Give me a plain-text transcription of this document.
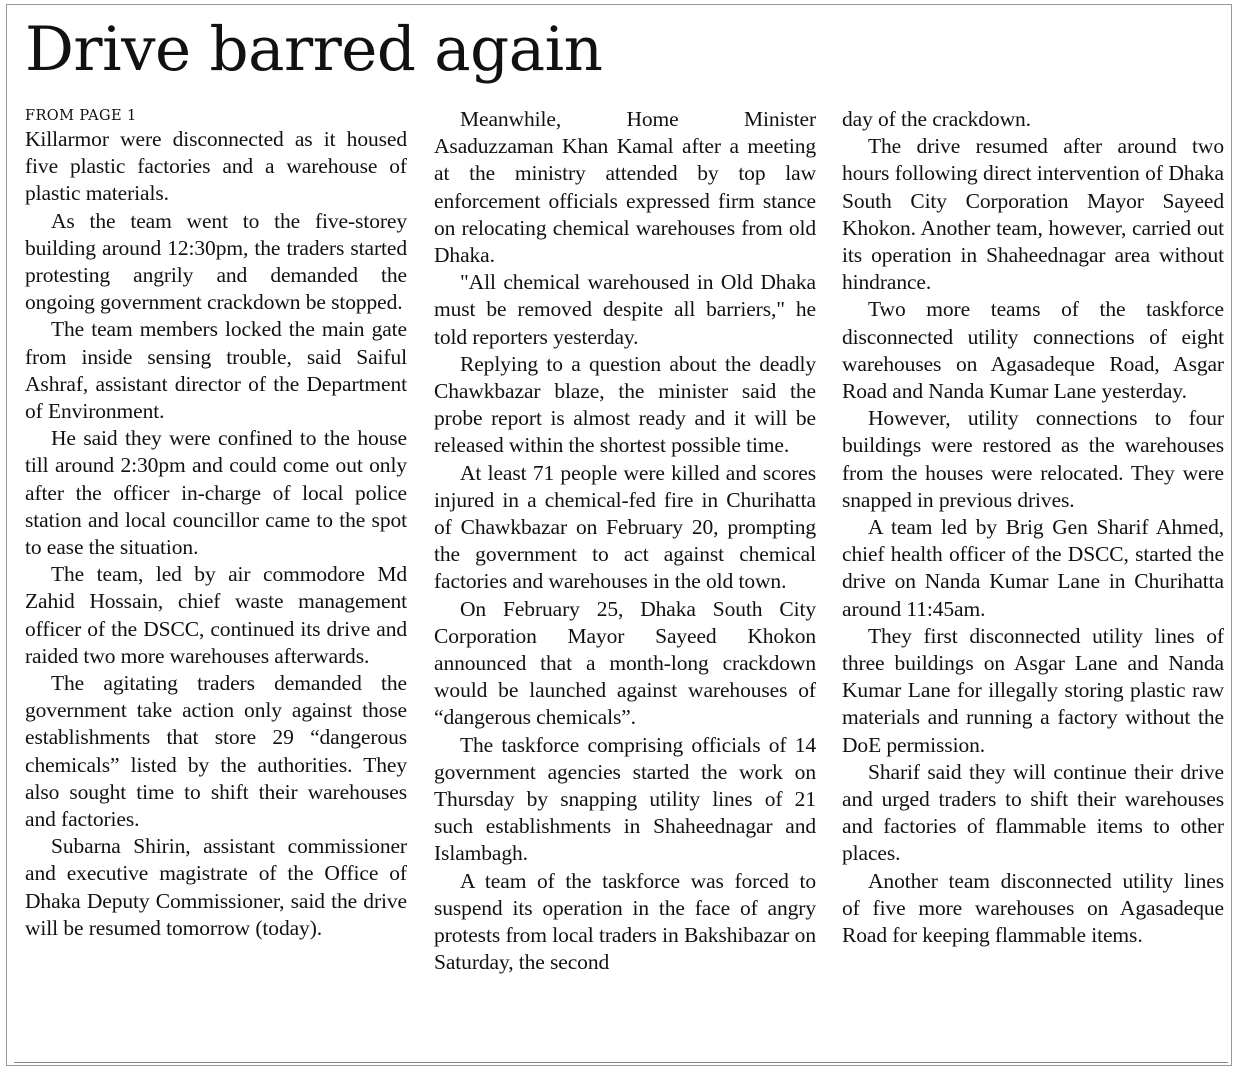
Drive barred again
FROM PAGE 1

Killarmor were disconnected as it housed five plastic factories and a warehouse of plastic materials.

As the team went to the five-storey building around 12:30pm, the traders started protesting angrily and demanded the ongoing government crackdown be stopped.

The team members locked the main gate from inside sensing trouble, said Saiful Ashraf, assistant director of the Department of Environment.

He said they were confined to the house till around 2:30pm and could come out only after the officer in-charge of local police station and local councillor came to the spot to ease the situation.

The team, led by air commodore Md Zahid Hossain, chief waste management officer of the DSCC, continued its drive and raided two more warehouses afterwards.

The agitating traders demanded the government take action only against those establishments that store 29 “dangerous chemicals” listed by the authorities. They also sought time to shift their warehouses and factories.

Subarna Shirin, assistant commissioner and executive magistrate of the Office of Dhaka Deputy Commissioner, said the drive will be resumed tomorrow (today).

Meanwhile, Home Minister Asaduzzaman Khan Kamal after a meeting at the ministry attended by top law enforcement officials expressed firm stance on relocating chemical warehouses from old Dhaka.

"All chemical warehoused in Old Dhaka must be removed despite all barriers," he told reporters yesterday.

Replying to a question about the deadly Chawkbazar blaze, the minister said the probe report is almost ready and it will be released within the shortest possible time.

At least 71 people were killed and scores injured in a chemical-fed fire in Churihatta of Chawkbazar on February 20, prompting the government to act against chemical factories and warehouses in the old town.

On February 25, Dhaka South City Corporation Mayor Sayeed Khokon announced that a month-long crackdown would be launched against warehouses of “dangerous chemicals”.

The taskforce comprising officials of 14 government agencies started the work on Thursday by snapping utility lines of 21 such establishments in Shaheednagar and Islambagh.

A team of the taskforce was forced to suspend its operation in the face of angry protests from local traders in Bakshibazar on Saturday, the second

day of the crackdown.

The drive resumed after around two hours following direct intervention of Dhaka South City Corporation Mayor Sayeed Khokon. Another team, however, carried out its operation in Shaheednagar area without hindrance.

Two more teams of the taskforce disconnected utility connections of eight warehouses on Agasadeque Road, Asgar Road and Nanda Kumar Lane yesterday.

However, utility connections to four buildings were restored as the warehouses from the houses were relocated. They were snapped in previous drives.

A team led by Brig Gen Sharif Ahmed, chief health officer of the DSCC, started the drive on Nanda Kumar Lane in Churihatta around 11:45am.

They first disconnected utility lines of three buildings on Asgar Lane and Nanda Kumar Lane for illegally storing plastic raw materials and running a factory without the DoE permission.

Sharif said they will continue their drive and urged traders to shift their warehouses and factories of flammable items to other places.

Another team disconnected utility lines of five more warehouses on Agasadeque Road for keeping flammable items.
